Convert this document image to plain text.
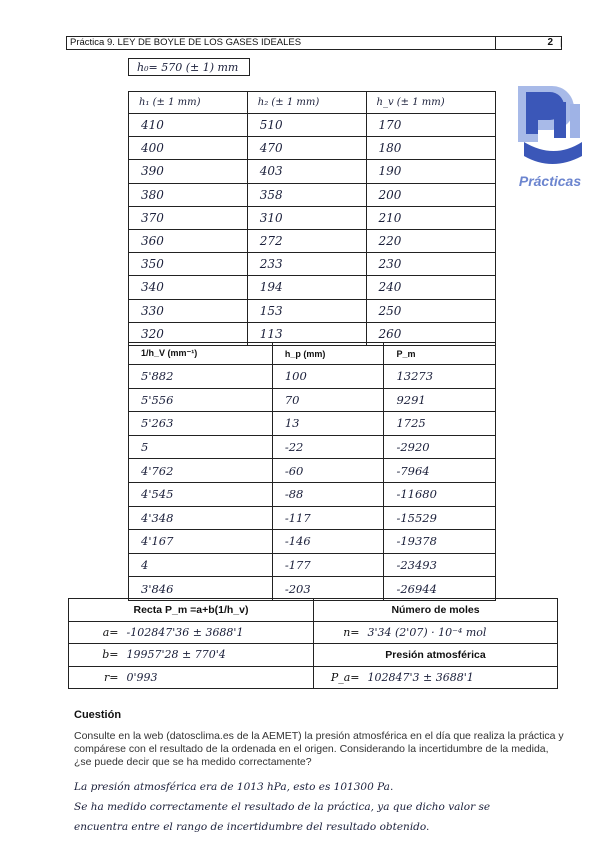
Práctica 9. LEY DE BOYLE DE LOS GASES IDEALES	|
2
h₀= 570 (± 1) mm
Prácticas
h₁ (± 1 mm)	h₂ (± 1 mm)	h_v (± 1 mm)
410	510	170
400	470	180
390	403	190
380	358	200
370	310	210
360	272	220
350	233	230
340	194	240
330	153	250
320	113	260
1/h_V (mm⁻¹)	h_p (mm)	P_m
5'882	100	13273
5'556	70	9291
5'263	13	1725
5	-22	-2920
4'762	-60	-7964
4'545	-88	-11680
4'348	-117	-15529
4'167	-146	-19378
4	-177	-23493
3'846	-203	-26944
Recta P_m =a+b(1/h_v)		Número de moles	
a=	-102847'36 ± 3688'1	n=	3'34 (2'07) · 10⁻⁴ mol
b=	19957'28 ± 770'4	Presión atmosférica	
r=	0'993	P_a=	102847'3 ± 3688'1
Cuestión
Consulte en la web (datosclima.es de la AEMET) la presión atmosférica en el día que realiza la práctica y compárese con el resultado de la ordenada en el origen. Considerando la incertidumbre de la medida, ¿se puede decir que se ha medido correctamente?
La presión atmosférica era de 1013 hPa, esto es 101300 Pa.
Se ha medido correctamente el resultado de la práctica, ya que dicho valor se
encuentra entre el rango de incertidumbre del resultado obtenido.
